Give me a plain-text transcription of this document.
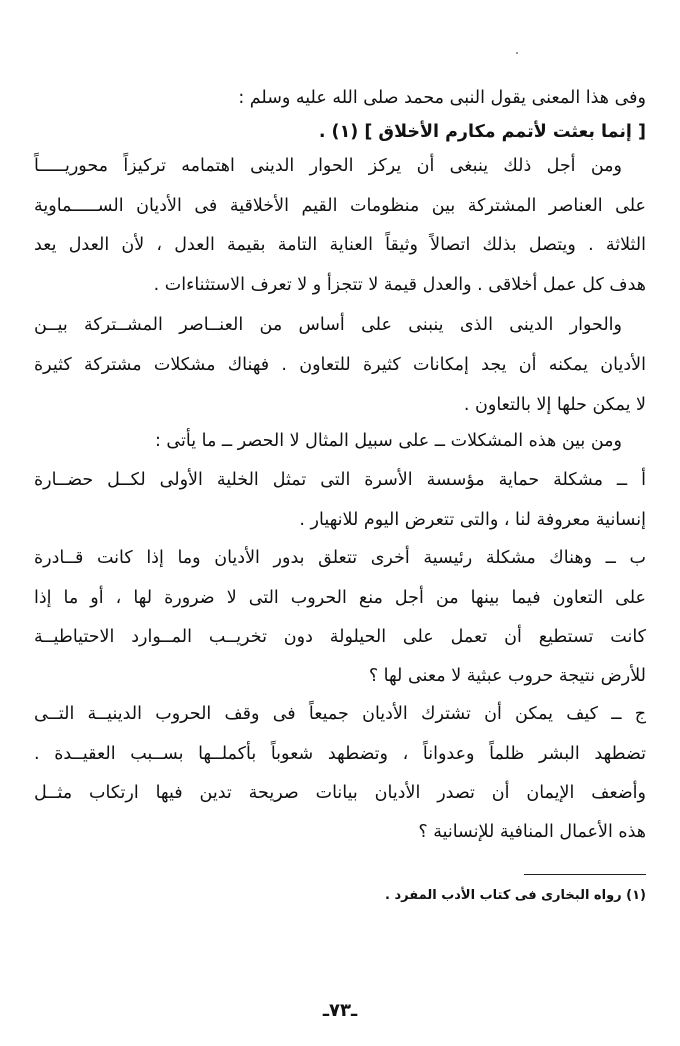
وفى هذا المعنى يقول النبى محمد صلى الله عليه وسلم :
[ إنما بعثت لأتمم مكارم الأخلاق ] (١) .
ومن أجل ذلك ينبغى أن يركز الحوار الدينى اهتمامه تركيزاً محوريـــــاً
على العناصر المشتركة بين منظومات القيم الأخلاقية فى الأديان الســـــماوية
الثلاثة . ويتصل بذلك اتصالاً وثيقاً العناية التامة بقيمة العدل ، لأن العدل يعد
هدف كل عمل أخلاقى . والعدل قيمة لا تتجزأ و لا تعرف الاستثناءات .
والحوار الدينى الذى ينبنى على أساس من العنــاصر المشــتركة بيــن
الأديان يمكنه أن يجد إمكانات كثيرة للتعاون . فهناك مشكلات مشتركة كثيرة
لا يمكن حلها إلا بالتعاون .
ومن بين هذه المشكلات ــ على سبيل المثال لا الحصر ــ ما يأتى :
أ ــ مشكلة حماية مؤسسة الأسرة التى تمثل الخلية الأولى لكــل حضــارة
إنسانية معروفة لنا ، والتى تتعرض اليوم للانهيار .
ب ــ وهناك مشكلة رئيسية أخرى تتعلق بدور الأديان وما إذا كانت قــادرة
على التعاون فيما بينها من أجل منع الحروب التى لا ضرورة لها ، أو ما إذا
كانت تستطيع أن تعمل على الحيلولة دون تخريــب المــوارد الاحتياطيــة
للأرض نتيجة حروب عبثية لا معنى لها ؟
ج ــ كيف يمكن أن تشترك الأديان جميعاً فى وقف الحروب الدينيــة التــى
تضطهد البشر ظلماً وعدواناً ، وتضطهد شعوباً بأكملــها بســبب العقيــدة .
وأضعف الإيمان أن تصدر الأديان بيانات صريحة تدين فيها ارتكاب مثــل
هذه الأعمال المنافية للإنسانية ؟
(١) رواه البخارى فى كتاب الأدب المفرد .
ـ٧٣ـ
